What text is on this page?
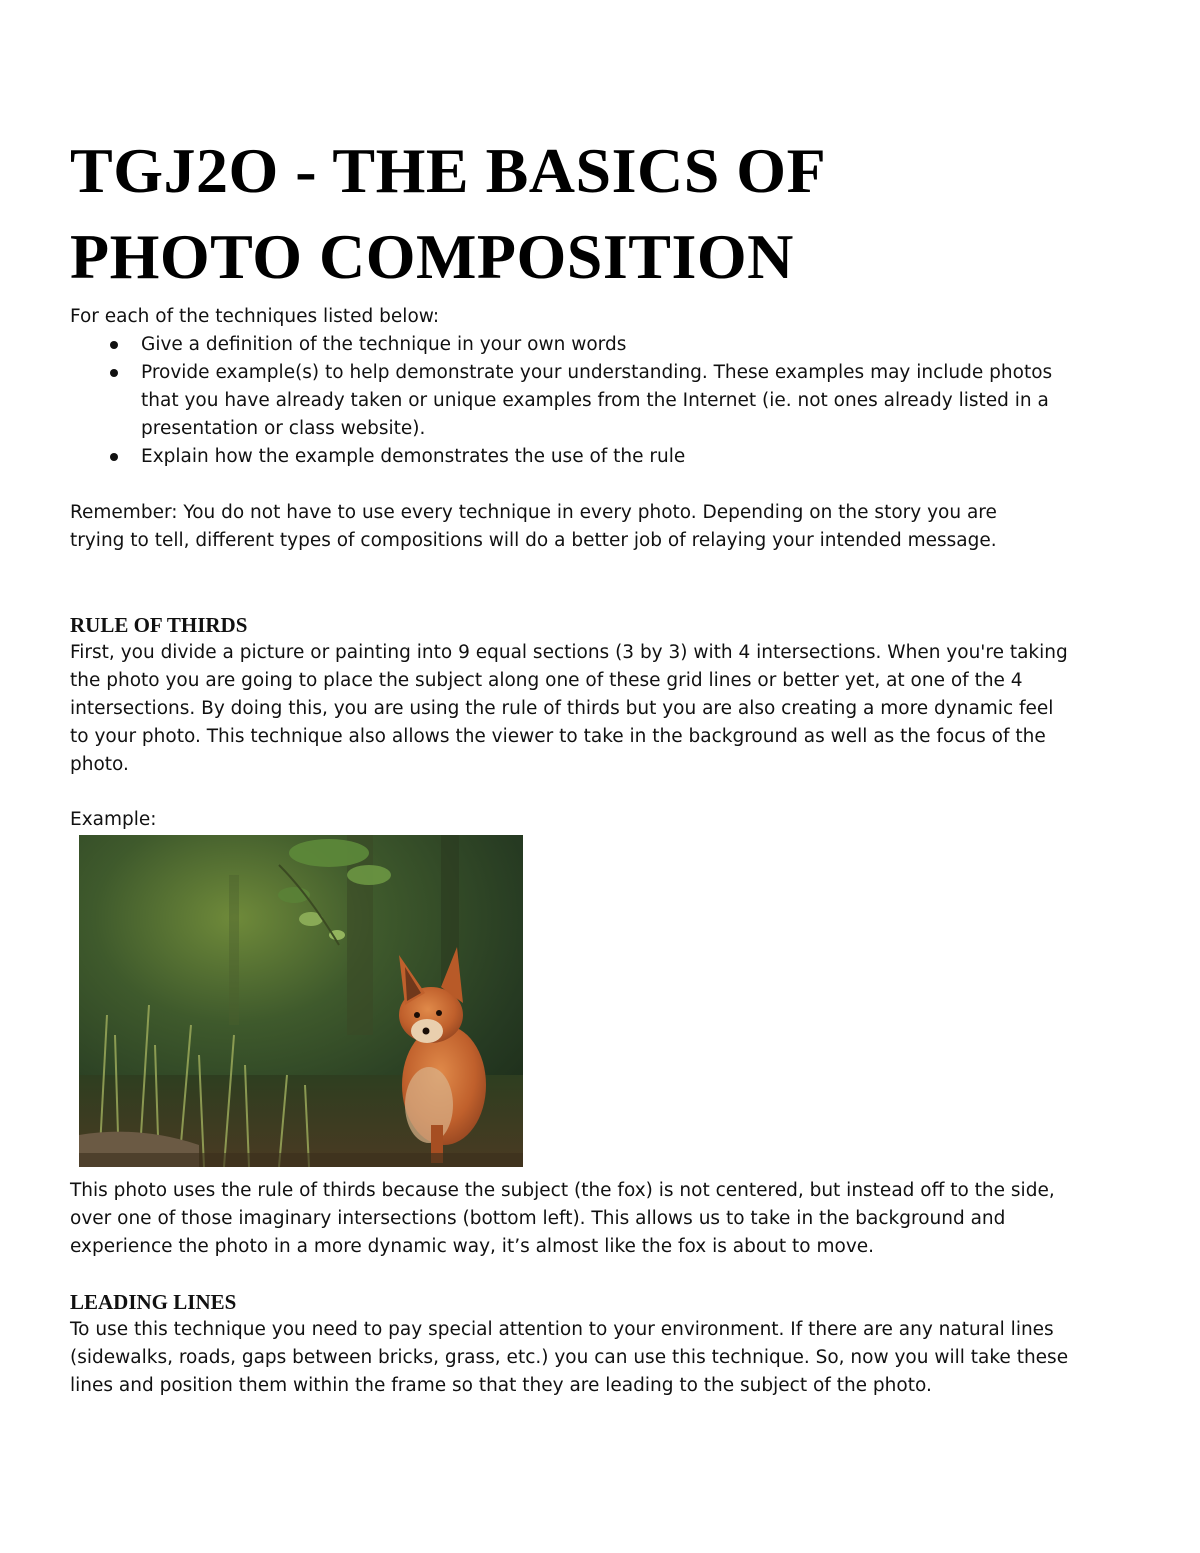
TGJ2O - THE BASICS OF
PHOTO COMPOSITION

For each of the techniques listed below:

Give a definition of the technique in your own words
Provide example(s) to help demonstrate your understanding. These examples may include photos that you have already taken or unique examples from the Internet (ie. not ones already listed in a presentation or class website).
Explain how the example demonstrates the use of the rule

Remember: You do not have to use every technique in every photo. Depending on the story you are trying to tell, different types of compositions will do a better job of relaying your intended message.

RULE OF THIRDS

First, you divide a picture or painting into 9 equal sections (3 by 3) with 4 intersections. When you're taking the photo you are going to place the subject along one of these grid lines or better yet, at one of the 4 intersections. By doing this, you are using the rule of thirds but you are also creating a more dynamic feel to your photo. This technique also allows the viewer to take in the background as well as the focus of the photo.

Example:

This photo uses the rule of thirds because the subject (the fox) is not centered, but instead off to the side, over one of those imaginary intersections (bottom left). This allows us to take in the background and experience the photo in a more dynamic way, it’s almost like the fox is about to move.

LEADING LINES

To use this technique you need to pay special attention to your environment. If there are any natural lines (sidewalks, roads, gaps between bricks, grass, etc.) you can use this technique. So, now you will take these lines and position them within the frame so that they are leading to the subject of the photo.
